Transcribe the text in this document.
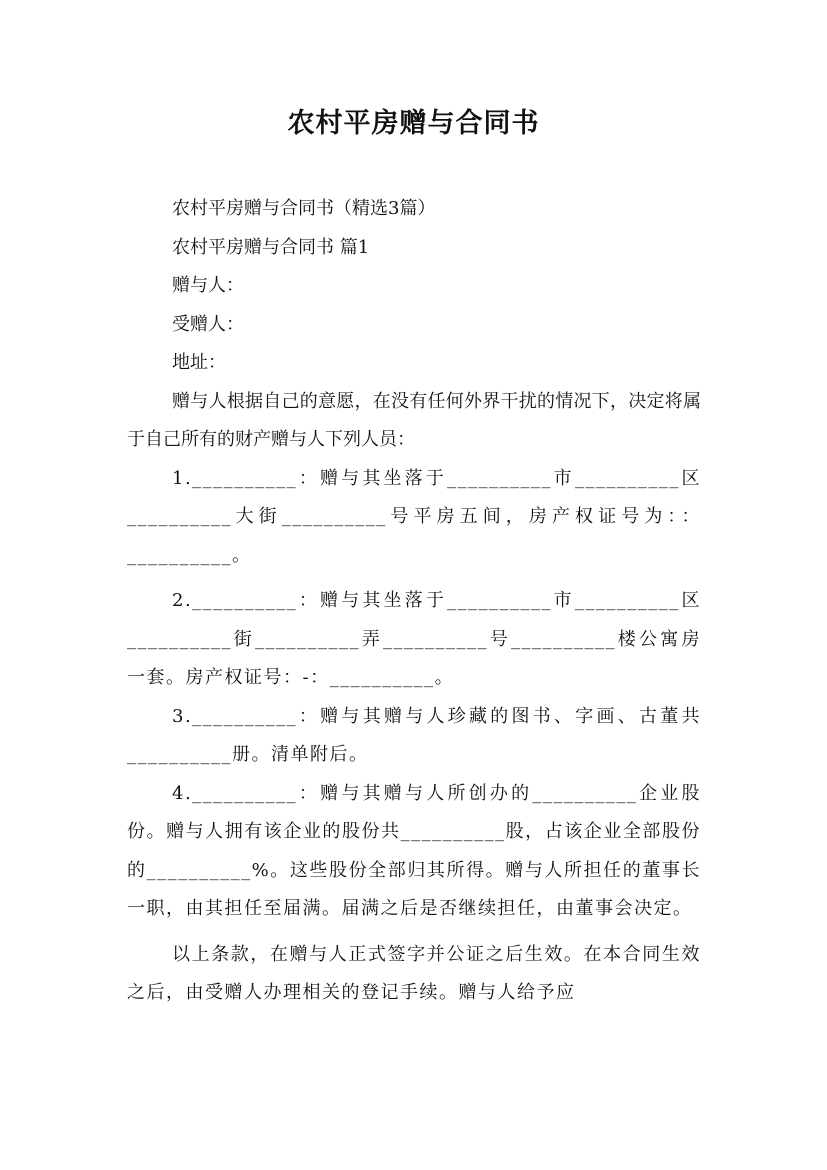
农村平房赠与合同书

农村平房赠与合同书（精选3篇）

农村平房赠与合同书 篇1

赠与人：

受赠人：

地址：

赠与人根据自己的意愿，在没有任何外界干扰的情况下，决定将属于自己所有的财产赠与人下列人员：

1.__________：赠与其坐落于__________市__________区__________大街__________号平房五间，房产权证号为：：__________。

2.__________：赠与其坐落于__________市__________区__________街__________弄__________号__________楼公寓房一套。房产权证号：-：__________。

3.__________：赠与其赠与人珍藏的图书、字画、古董共__________册。清单附后。

4.__________：赠与其赠与人所创办的__________企业股份。赠与人拥有该企业的股份共__________股，占该企业全部股份的__________%。这些股份全部归其所得。赠与人所担任的董事长一职，由其担任至届满。届满之后是否继续担任，由董事会决定。

以上条款，在赠与人正式签字并公证之后生效。在本合同生效之后，由受赠人办理相关的登记手续。赠与人给予应
